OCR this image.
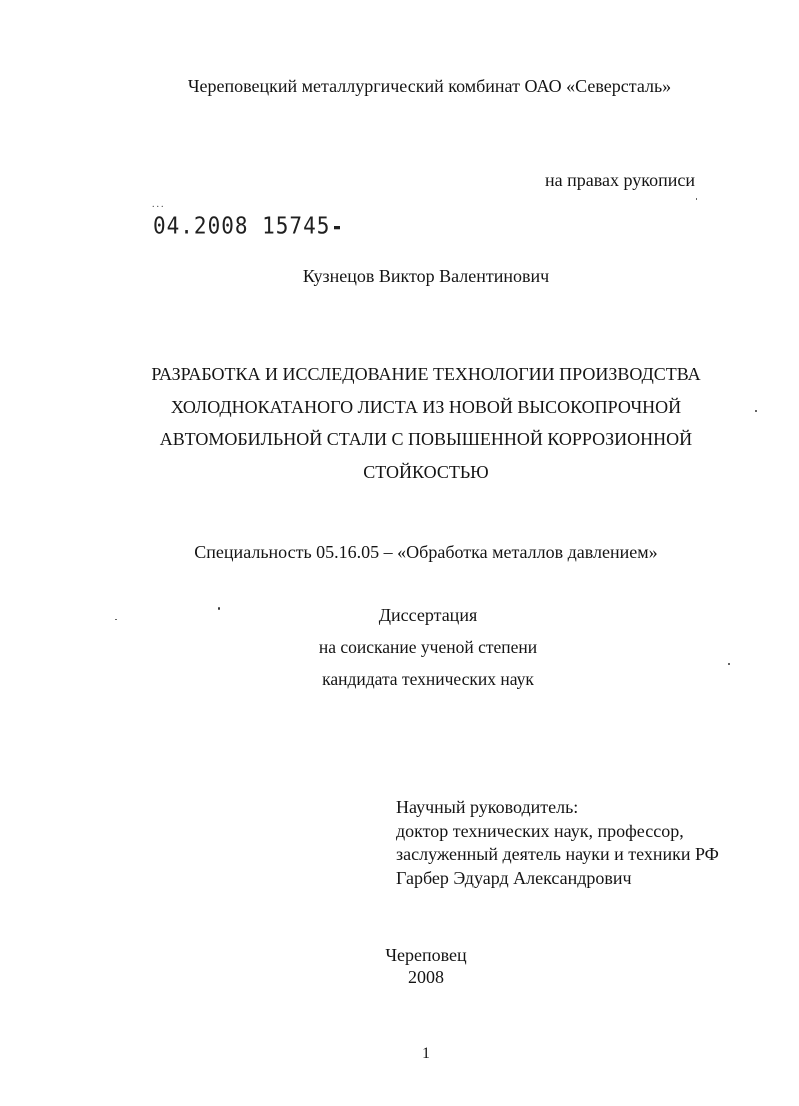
Череповецкий металлургический комбинат ОАО «Северсталь»
на правах рукописи
...
04.2008 15745
Кузнецов Виктор Валентинович
РАЗРАБОТКА И ИССЛЕДОВАНИЕ ТЕХНОЛОГИИ ПРОИЗВОДСТВА
ХОЛОДНОКАТАНОГО ЛИСТА ИЗ НОВОЙ ВЫСОКОПРОЧНОЙ
АВТОМОБИЛЬНОЙ СТАЛИ С ПОВЫШЕННОЙ КОРРОЗИОННОЙ
СТОЙКОСТЬЮ
Специальность 05.16.05 – «Обработка металлов давлением»
Диссертация
на соискание ученой степени
кандидата технических наук
Научный руководитель:
доктор технических наук, профессор,
заслуженный деятель науки и техники РФ
Гарбер Эдуард Александрович
Череповец
2008
1
